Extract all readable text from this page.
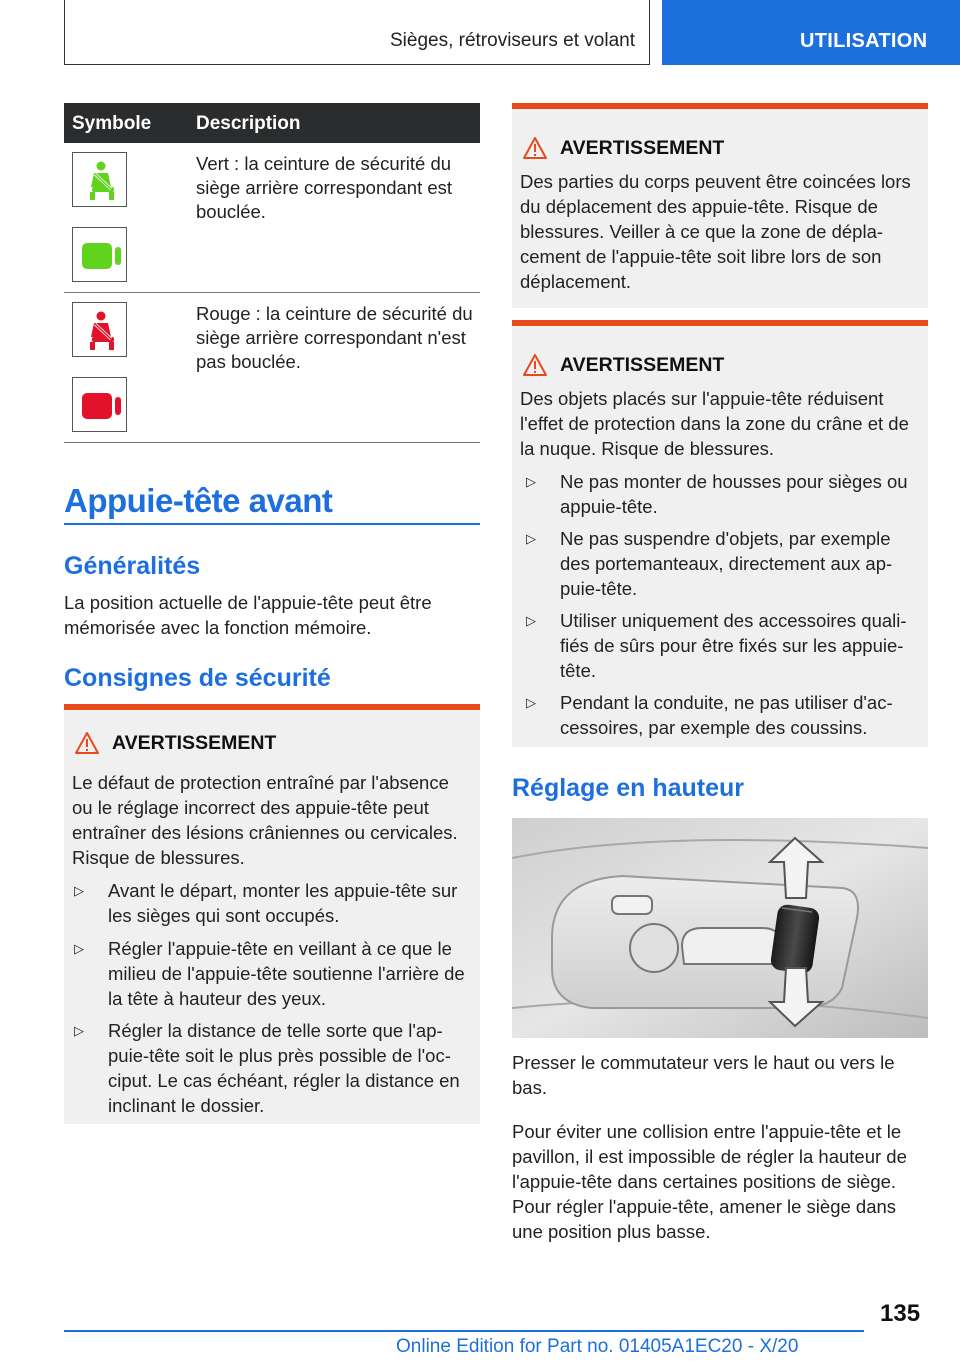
Sièges, rétroviseurs et volant	UTILISATION
Symbole Description
Vert : la ceinture de sécurité du siège arrière correspondant est bouclée.
Rouge : la ceinture de sécurité du siège arrière correspondant n'est pas bouclée.
Appuie-tête avant
Généralités
La position actuelle de l'appuie-tête peut être mémorisée avec la fonction mémoire.
Consignes de sécurité
AVERTISSEMENT
Le défaut de protection entraîné par l'absence ou le réglage incorrect des appuie-tête peut entraîner des lésions crâniennes ou cervicales. Risque de blessures.
▷ Avant le départ, monter les appuie-tête sur les sièges qui sont occupés.
▷ Régler l'appuie-tête en veillant à ce que le milieu de l'appuie-tête soutienne l'arrière de la tête à hauteur des yeux.
▷ Régler la distance de telle sorte que l'appuie-tête soit le plus près possible de l'occiput. Le cas échéant, régler la distance en inclinant le dossier.
AVERTISSEMENT
Des parties du corps peuvent être coincées lors du déplacement des appuie-tête. Risque de blessures. Veiller à ce que la zone de déplacement de l'appuie-tête soit libre lors de son déplacement.
AVERTISSEMENT
Des objets placés sur l'appuie-tête réduisent l'effet de protection dans la zone du crâne et de la nuque. Risque de blessures.
▷ Ne pas monter de housses pour sièges ou appuie-tête.
▷ Ne pas suspendre d'objets, par exemple des portemanteaux, directement aux appuie-tête.
▷ Utiliser uniquement des accessoires qualifiés de sûrs pour être fixés sur les appuie-tête.
▷ Pendant la conduite, ne pas utiliser d'accessoires, par exemple des coussins.
Réglage en hauteur
Presser le commutateur vers le haut ou vers le bas.
Pour éviter une collision entre l'appuie-tête et le pavillon, il est impossible de régler la hauteur de l'appuie-tête dans certaines positions de siège. Pour régler l'appuie-tête, amener le siège dans une position plus basse.
135
Online Edition for Part no. 01405A1EC20 - X/20
